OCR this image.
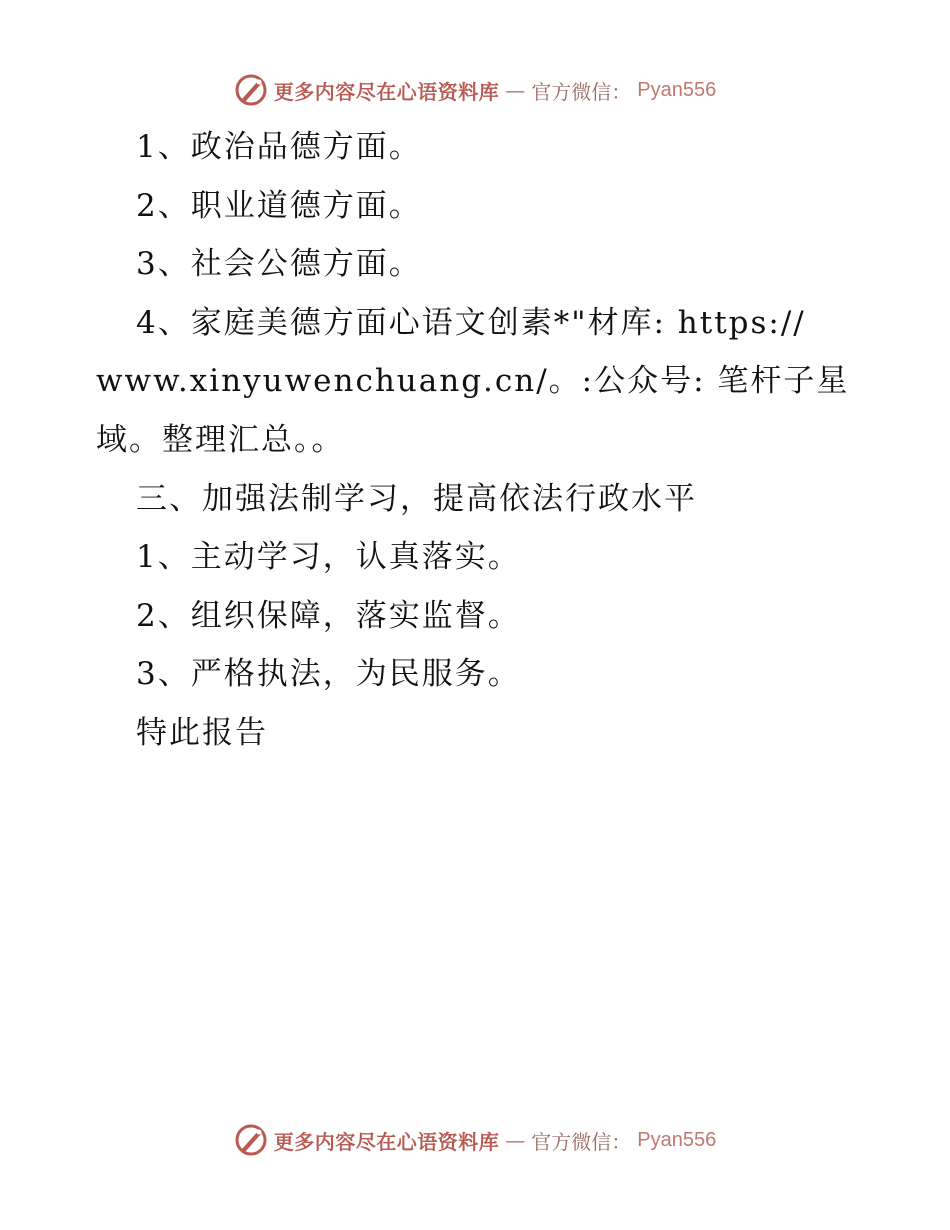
更多内容尽在心语资料库 — 官方微信： Pyan556

1、政治品德方面。

2、职业道德方面。

3、社会公德方面。

4、家庭美德方面心语文创素*"材库: https://

www.xinyuwenchuang.cn/。:公众号: 笔杆子星

域。整理汇总。。

三、加强法制学习，提高依法行政水平

1、主动学习，认真落实。

2、组织保障，落实监督。

3、严格执法，为民服务。

特此报告

更多内容尽在心语资料库 — 官方微信： Pyan556
